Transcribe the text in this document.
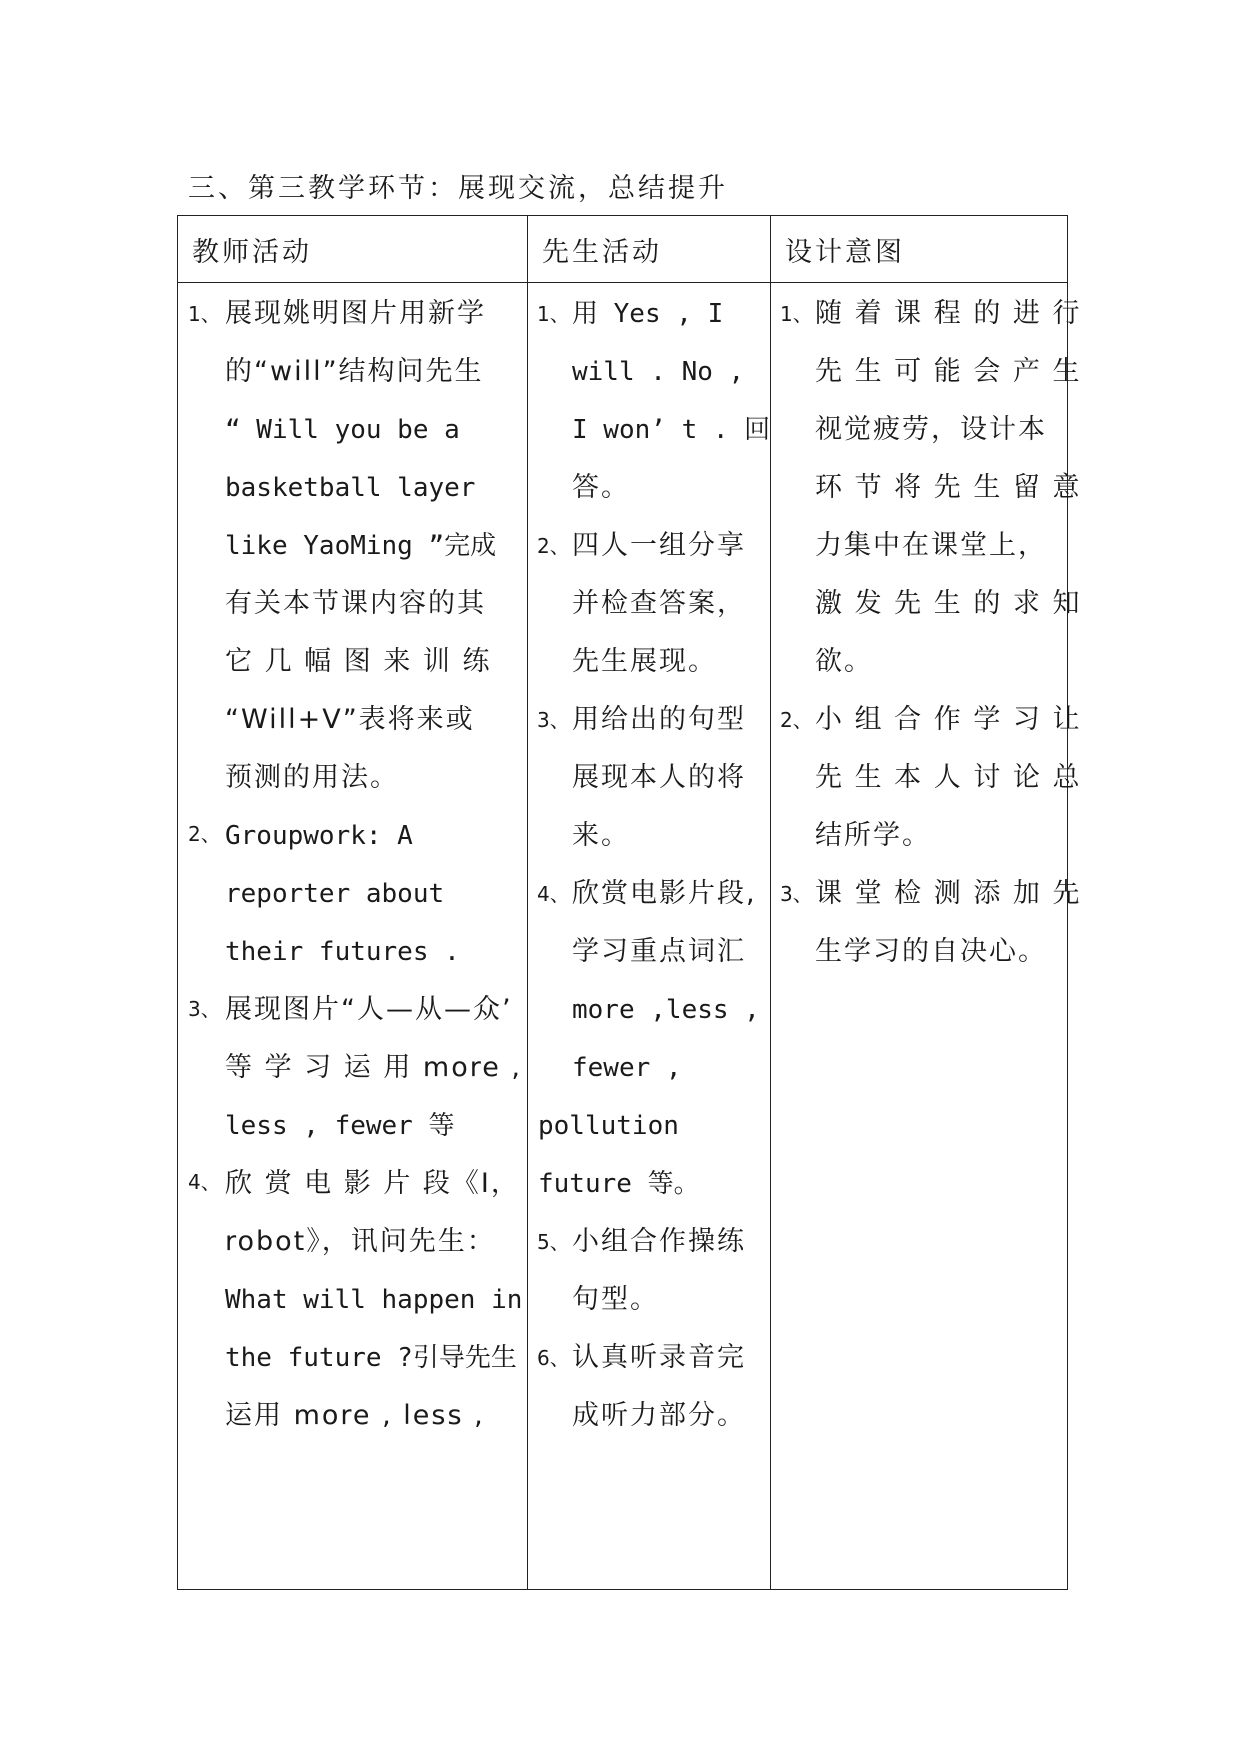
三、第三教学环节：展现交流，总结提升
教师活动	先生活动	设计意图
1、
2、
3、
4、
展现姚明图片用新学
的“will”结构问先生
“ Will you be a
basketball layer
like YaoMing ”完成
有关本节课内容的其
它 几 幅 图 来 训 练
“Will+V”表将来或
预测的用法。
Groupwork: A
reporter about
their futures .
展现图片“人—从—众’
等 学 习 运 用 more ,
less , fewer 等
欣 赏 电 影 片 段《I，
robot》，讯问先生：
What will happen in
the future ?引导先生
运用 more , less ,
1、
2、
3、
4、
5、
6、
用 Yes , I
will . No ,
I won’ t . 回
答。
四人一组分享
并检查答案，
先生展现。
用给出的句型
展现本人的将
来。
欣赏电影片段,
学习重点词汇
more ,less ,
fewer ,
pollution
future 等。
小组合作操练
句型。
认真听录音完
成听力部分。
1、
2、
3、
随 着 课 程 的 进 行
先 生 可 能 会 产 生
视觉疲劳，设计本
环 节 将 先 生 留 意
力集中在课堂上，
激 发 先 生 的 求 知
欲。
小 组 合 作 学 习 让
先 生 本 人 讨 论 总
结所学。
课 堂 检 测 添 加 先
生学习的自决心。
